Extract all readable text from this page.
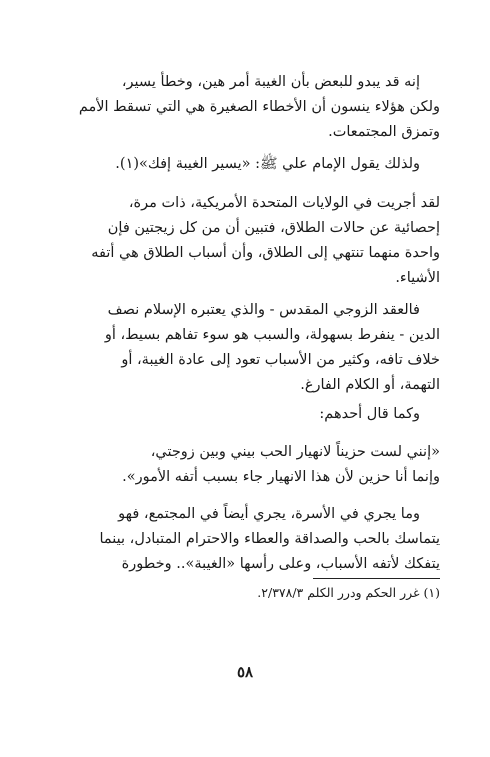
إنه قد يبدو للبعض بأن الغيبة أمر هين، وخطأ يسير،
ولكن هؤلاء ينسون أن الأخطاء الصغيرة هي التي تسقط الأمم
وتمزق المجتمعات.
ولذلك يقول الإمام علي ﷺ: «يسير الغيبة إفك»(١).
لقد أجريت في الولايات المتحدة الأمريكية، ذات مرة،
إحصائية عن حالات الطلاق، فتبين أن من كل زيجتين فإن
واحدة منهما تنتهي إلى الطلاق، وأن أسباب الطلاق هي أتفه
الأشياء.
فالعقد الزوجي المقدس - والذي يعتبره الإسلام نصف
الدين - ينفرط بسهولة، والسبب هو سوء تفاهم بسيط، أو
خلاف تافه، وكثير من الأسباب تعود إلى عادة الغيبة، أو
التهمة، أو الكلام الفارغ.
وكما قال أحدهم:
«إنني لست حزيناً لانهيار الحب بيني وبين زوجتي،
وإنما أنا حزين لأن هذا الانهيار جاء بسبب أتفه الأمور».
وما يجري في الأسرة، يجري أيضاً في المجتمع، فهو
يتماسك بالحب والصداقة والعطاء والاحترام المتبادل، بينما
يتفكك لأتفه الأسباب، وعلى رأسها «الغيبة».. وخطورة
(١) غرر الحكم ودرر الكلم ٢/٣٧٨/٣.
٥٨
